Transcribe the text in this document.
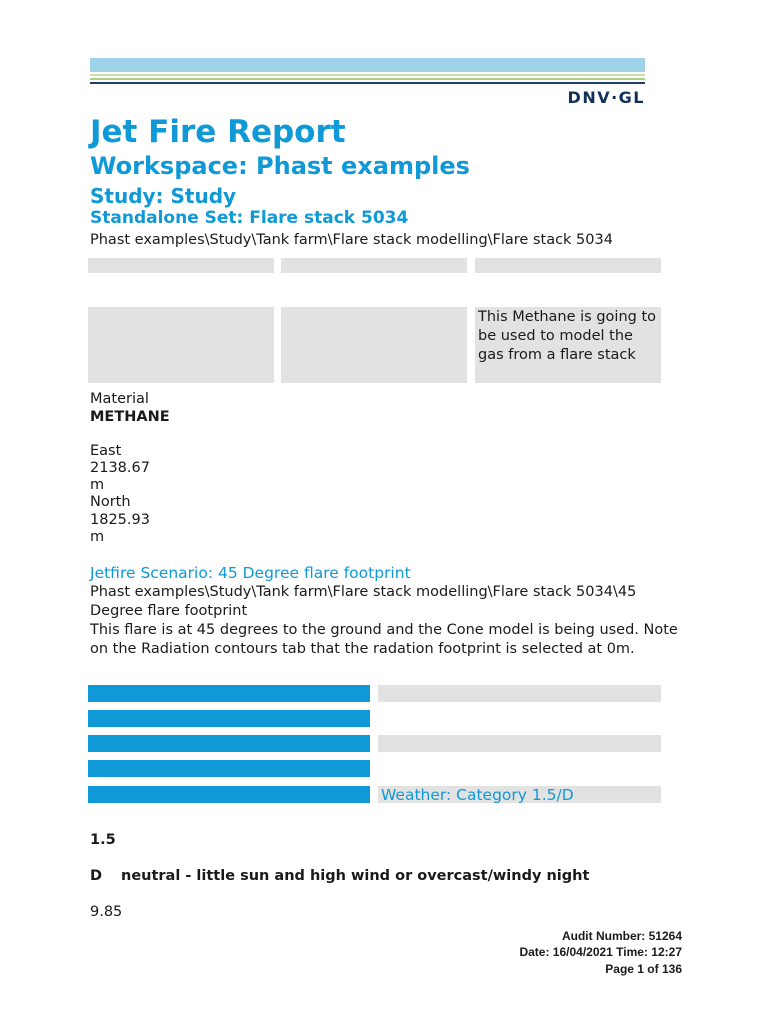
DNV·GL
Jet Fire Report
Workspace: Phast examples
Study: Study
Standalone Set: Flare stack 5034
Phast examples\Study\Tank farm\Flare stack modelling\Flare stack 5034
This Methane is going to be used to model the gas from a flare stack
Material
METHANE
East
2138.67
m
North
1825.93
m
Jetfire Scenario: 45 Degree flare footprint
Phast examples\Study\Tank farm\Flare stack modelling\Flare stack 5034\45 Degree flare footprint
This flare is at 45 degrees to the ground and the Cone model is being used. Note on the Radiation contours tab that the radation footprint is selected at 0m.
Weather: Category 1.5/D
1.5
D neutral - little sun and high wind or overcast/windy night
9.85
Audit Number: 51264
Date: 16/04/2021 Time: 12:27
Page 1 of 136
